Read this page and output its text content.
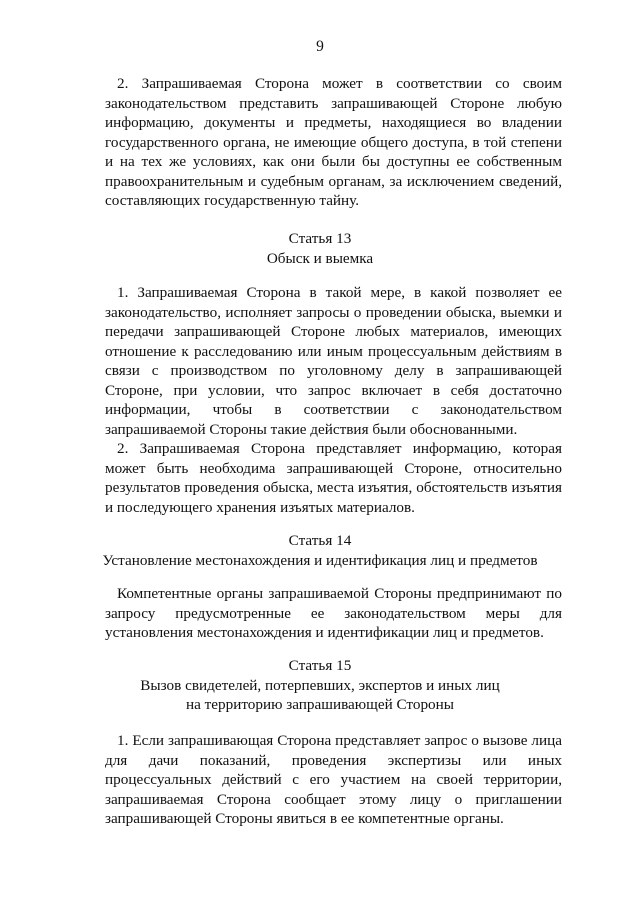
9

2. Запрашиваемая Сторона может в соответствии со своим законодательством представить запрашивающей Стороне любую информацию, документы и предметы, находящиеся во владении государственного органа, не имеющие общего доступа, в той степени и на тех же условиях, как они были бы доступны ее собственным правоохранительным и судебным органам, за исключением сведений, составляющих государственную тайну.

Статья 13
Обыск и выемка

1. Запрашиваемая Сторона в такой мере, в какой позволяет ее законодательство, исполняет запросы о проведении обыска, выемки и передачи запрашивающей Стороне любых материалов, имеющих отношение к расследованию или иным процессуальным действиям в связи с производством по уголовному делу в запрашивающей Стороне, при условии, что запрос включает в себя достаточно информации, чтобы в соответствии с законодательством запрашиваемой Стороны такие действия были обоснованными.

2. Запрашиваемая Сторона представляет информацию, которая может быть необходима запрашивающей Стороне, относительно результатов проведения обыска, места изъятия, обстоятельств изъятия и последующего хранения изъятых материалов.

Статья 14
Установление местонахождения и идентификация лиц и предметов

Компетентные органы запрашиваемой Стороны предпринимают по запросу предусмотренные ее законодательством меры для установления местонахождения и идентификации лиц и предметов.

Статья 15
Вызов свидетелей, потерпевших, экспертов и иных лиц
на территорию запрашивающей Стороны

1. Если запрашивающая Сторона представляет запрос о вызове лица для дачи показаний, проведения экспертизы или иных процессуальных действий с его участием на своей территории, запрашиваемая Сторона сообщает этому лицу о приглашении запрашивающей Стороны явиться в ее компетентные органы.
